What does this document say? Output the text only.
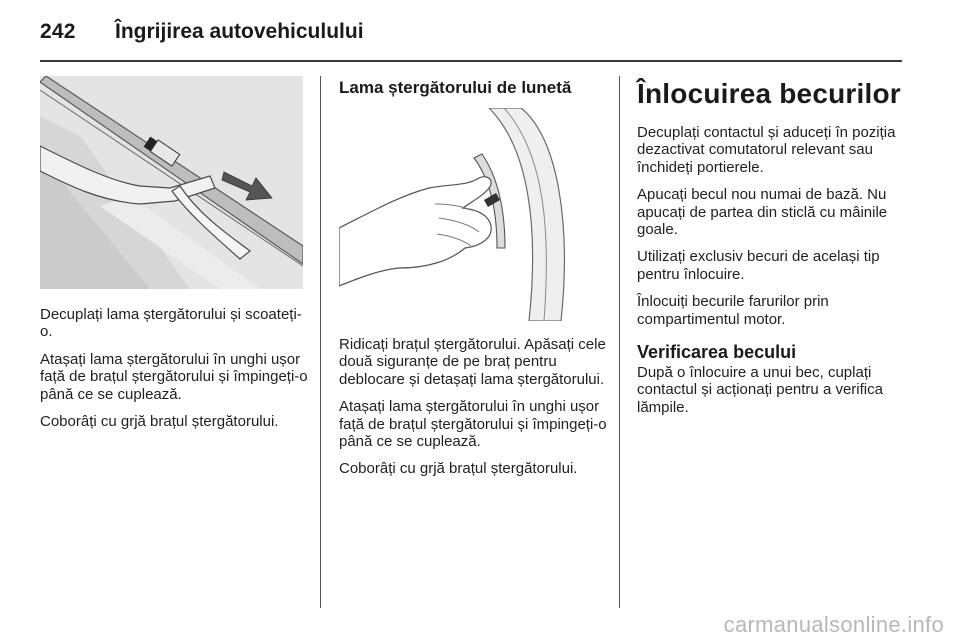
242 Îngrijirea autovehiculului

Decuplați lama ștergătorului și scoateți-o.

Atașați lama ștergătorului în unghi ușor față de brațul ștergătorului și împingeți-o până ce se cuplează.

Coborâți cu grjă brațul ștergătorului.

Lama ștergătorului de lunetă

Ridicați brațul ștergătorului. Apăsați cele două siguranțe de pe braț pentru deblocare și detașați lama ștergătorului.

Atașați lama ștergătorului în unghi ușor față de brațul ștergătorului și împingeți-o până ce se cuplează.

Coborâți cu grjă brațul ștergătorului.

Înlocuirea becurilor

Decuplați contactul și aduceți în poziția dezactivat comutatorul relevant sau închideți portierele.

Apucați becul nou numai de bază. Nu apucați de partea din sticlă cu mâinile goale.

Utilizați exclusiv becuri de același tip pentru înlocuire.

Înlocuiți becurile farurilor prin compartimentul motor.

Verificarea becului

După o înlocuire a unui bec, cuplați contactul și acționați pentru a verifica lămpile.

carmanualsonline.info
